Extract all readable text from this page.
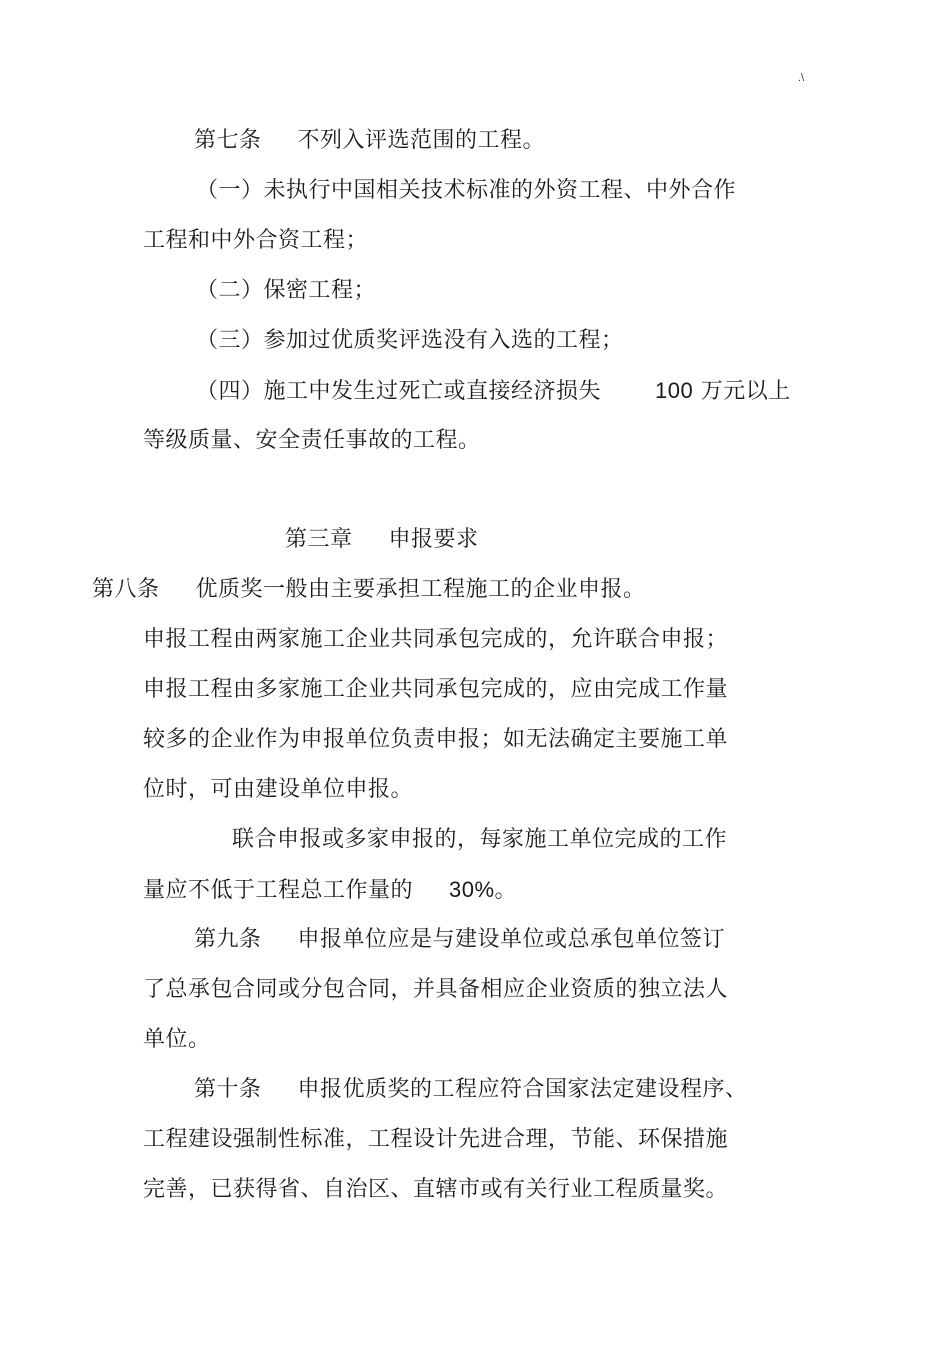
.\
第七条 不列入评选范围的工程。
（一）未执行中国相关技术标准的外资工程、中外合作
工程和中外合资工程；
（二）保密工程；
（三）参加过优质奖评选没有入选的工程；
（四）施工中发生过死亡或直接经济损失 100 万元以上
等级质量、安全责任事故的工程。
第三章 申报要求
第八条 优质奖一般由主要承担工程施工的企业申报。
申报工程由两家施工企业共同承包完成的，允许联合申报；
申报工程由多家施工企业共同承包完成的，应由完成工作量
较多的企业作为申报单位负责申报；如无法确定主要施工单
位时，可由建设单位申报。
联合申报或多家申报的，每家施工单位完成的工作
量应不低于工程总工作量的 30%。
第九条 申报单位应是与建设单位或总承包单位签订
了总承包合同或分包合同，并具备相应企业资质的独立法人
单位。
第十条 申报优质奖的工程应符合国家法定建设程序、
工程建设强制性标准，工程设计先进合理，节能、环保措施
完善，已获得省、自治区、直辖市或有关行业工程质量奖。
